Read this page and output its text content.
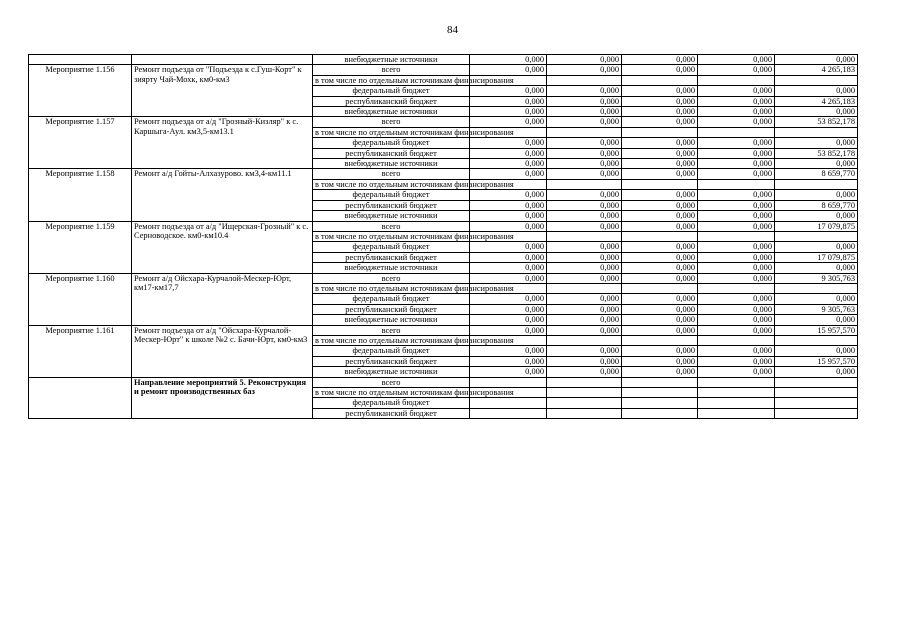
84
		внебюджетные источники	0,000	0,000	0,000	0,000	0,000
Мероприятие 1.156	Ремонт подъезда от "Подъезда к с.Гуш-Корт" к зиярту Чай-Мохк, км0-км3	всего	0,000	0,000	0,000	0,000	4 265,183
		в том числе по отдельным источникам финансирования					
		федеральный бюджет	0,000	0,000	0,000	0,000	0,000
		республиканский бюджет	0,000	0,000	0,000	0,000	4 265,183
		внебюджетные источники	0,000	0,000	0,000	0,000	0,000
Мероприятие 1.157	Ремонт подъезда от а/д "Грозный-Кизляр" к с. Каршыга-Аул. км3,5-км13.1	всего	0,000	0,000	0,000	0,000	53 852,178
		в том числе по отдельным источникам финансирования					
		федеральный бюджет	0,000	0,000	0,000	0,000	0,000
		республиканский бюджет	0,000	0,000	0,000	0,000	53 852,178
		внебюджетные источники	0,000	0,000	0,000	0,000	0,000
Мероприятие 1.158	Ремонт а/д Гойты-Алхазурово. км3,4-км11.1	всего	0,000	0,000	0,000	0,000	8 659,770
		в том числе по отдельным источникам финансирования					
		федеральный бюджет	0,000	0,000	0,000	0,000	0,000
		республиканский бюджет	0,000	0,000	0,000	0,000	8 659,770
		внебюджетные источники	0,000	0,000	0,000	0,000	0,000
Мероприятие 1.159	Ремонт подъезда от а/д "Ищерская-Грозный" к с. Серноводское. км0-км10.4	всего	0,000	0,000	0,000	0,000	17 079,875
		в том числе по отдельным источникам финансирования					
		федеральный бюджет	0,000	0,000	0,000	0,000	0,000
		республиканский бюджет	0,000	0,000	0,000	0,000	17 079,875
		внебюджетные источники	0,000	0,000	0,000	0,000	0,000
Мероприятие 1.160	Ремонт а/д Ойсхара-Курчалой-Мескер-Юрт, км17-км17,7	всего	0,000	0,000	0,000	0,000	9 305,763
		в том числе по отдельным источникам финансирования					
		федеральный бюджет	0,000	0,000	0,000	0,000	0,000
		республиканский бюджет	0,000	0,000	0,000	0,000	9 305,763
		внебюджетные источники	0,000	0,000	0,000	0,000	0,000
Мероприятие 1.161	Ремонт подъезда от а/д "Ойсхара-Курчалой-Мескер-Юрт" к школе №2 с. Бачи-Юрт, км0-км3	всего	0,000	0,000	0,000	0,000	15 957,570
		в том числе по отдельным источникам финансирования					
		федеральный бюджет	0,000	0,000	0,000	0,000	0,000
		республиканский бюджет	0,000	0,000	0,000	0,000	15 957,570
		внебюджетные источники	0,000	0,000	0,000	0,000	0,000
	Направление мероприятий 5. Реконструкция и ремонт производственных баз	всего					
		в том числе по отдельным источникам финансирования					
		федеральный бюджет					
		республиканский бюджет					
